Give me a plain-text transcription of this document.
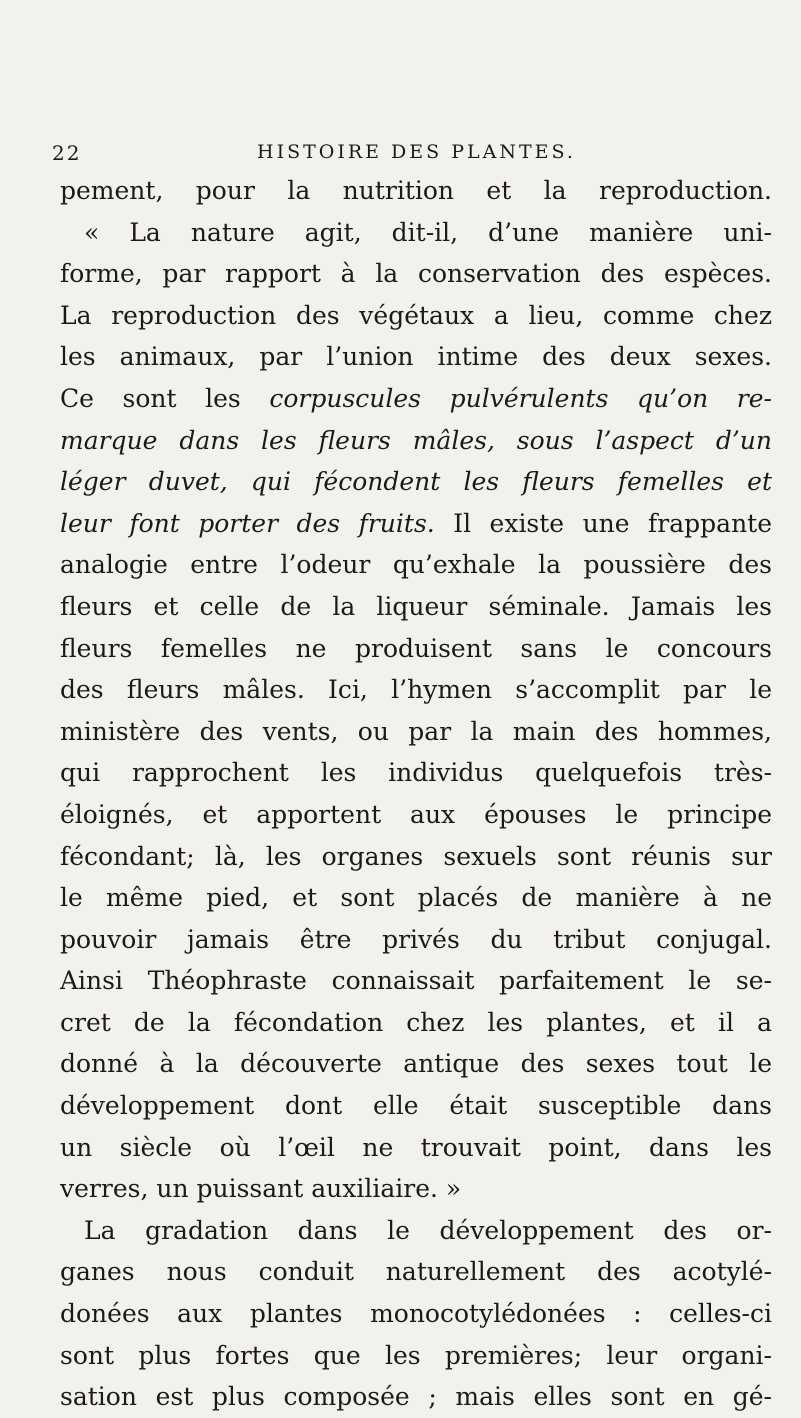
22	HISTOIRE DES PLANTES.
pement, pour la nutrition et la reproduction.
« La nature agit, dit-il, d’une manière uni-
forme, par rapport à la conservation des espèces.
La reproduction des végétaux a lieu, comme chez
les animaux, par l’union intime des deux sexes.
Ce sont les corpuscules pulvérulents qu’on re-
marque dans les fleurs mâles, sous l’aspect d’un
léger duvet, qui fécondent les fleurs femelles et
leur font porter des fruits. Il existe une frappante
analogie entre l’odeur qu’exhale la poussière des
fleurs et celle de la liqueur séminale. Jamais les
fleurs femelles ne produisent sans le concours
des fleurs mâles. Ici, l’hymen s’accomplit par le
ministère des vents, ou par la main des hommes,
qui rapprochent les individus quelquefois très-
éloignés, et apportent aux épouses le principe
fécondant; là, les organes sexuels sont réunis sur
le même pied, et sont placés de manière à ne
pouvoir jamais être privés du tribut conjugal.
Ainsi Théophraste connaissait parfaitement le se-
cret de la fécondation chez les plantes, et il a
donné à la découverte antique des sexes tout le
développement dont elle était susceptible dans
un siècle où l’œil ne trouvait point, dans les
verres, un puissant auxiliaire. »
La gradation dans le développement des or-
ganes nous conduit naturellement des acotylé-
donées aux plantes monocotylédonées : celles-ci
sont plus fortes que les premières; leur organi-
sation est plus composée ; mais elles sont en gé-
